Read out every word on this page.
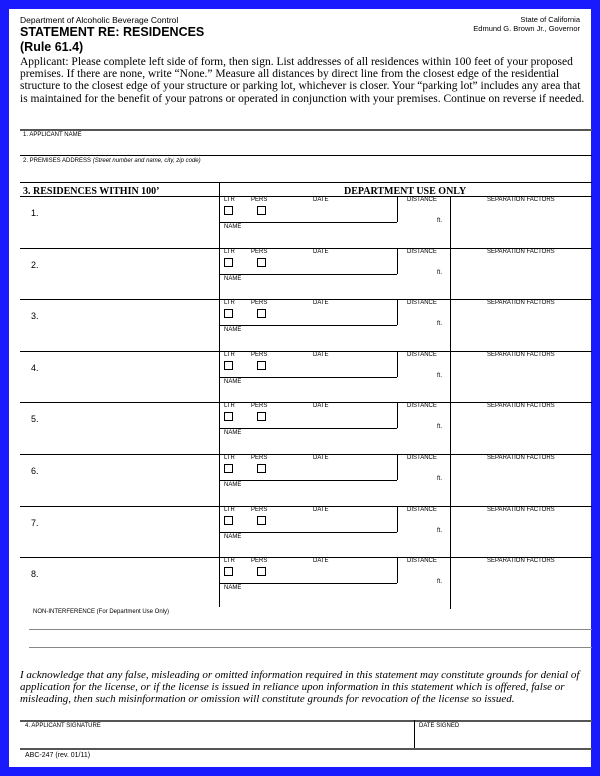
Department of Alcoholic Beverage Control
STATEMENT RE: RESIDENCES
(Rule 61.4)
State of California
Edmund G. Brown Jr., Governor
Applicant: Please complete left side of form, then sign. List addresses of all residences within 100 feet of your proposed premises. If there are none, write “None.” Measure all distances by direct line from the closest edge of the residential structure to the closest edge of your structure or parking lot, whichever is closer. Your “parking lot” includes any area that is maintained for the benefit of your patrons or operated in conjunction with your premises. Continue on reverse if needed.
1. APPLICANT NAME
2. PREMISES ADDRESS (Street number and name, city, zip code)
3. RESIDENCES WITHIN 100’	DEPARTMENT USE ONLY
1.
LTR	PERS	DATE	DISTANCE	SEPARATION FACTORS
ft.
NAME
2.
LTR	PERS	DATE	DISTANCE	SEPARATION FACTORS
ft.
NAME
3.
LTR	PERS	DATE	DISTANCE	SEPARATION FACTORS
ft.
NAME
4.
LTR	PERS	DATE	DISTANCE	SEPARATION FACTORS
ft.
NAME
5.
LTR	PERS	DATE	DISTANCE	SEPARATION FACTORS
ft.
NAME
6.
LTR	PERS	DATE	DISTANCE	SEPARATION FACTORS
ft.
NAME
7.
LTR	PERS	DATE	DISTANCE	SEPARATION FACTORS
ft.
NAME
8.
LTR	PERS	DATE	DISTANCE	SEPARATION FACTORS
ft.
NAME
NON-INTERFERENCE (For Department Use Only)
I acknowledge that any false, misleading or omitted information required in this statement may constitute grounds for denial of application for the license, or if the license is issued in reliance upon information in this statement which is offered, false or misleading, then such misinformation or omission will constitute grounds for revocation of the license so issued.
4. APPLICANT SIGNATURE	DATE SIGNED
ABC-247 (rev. 01/11)
